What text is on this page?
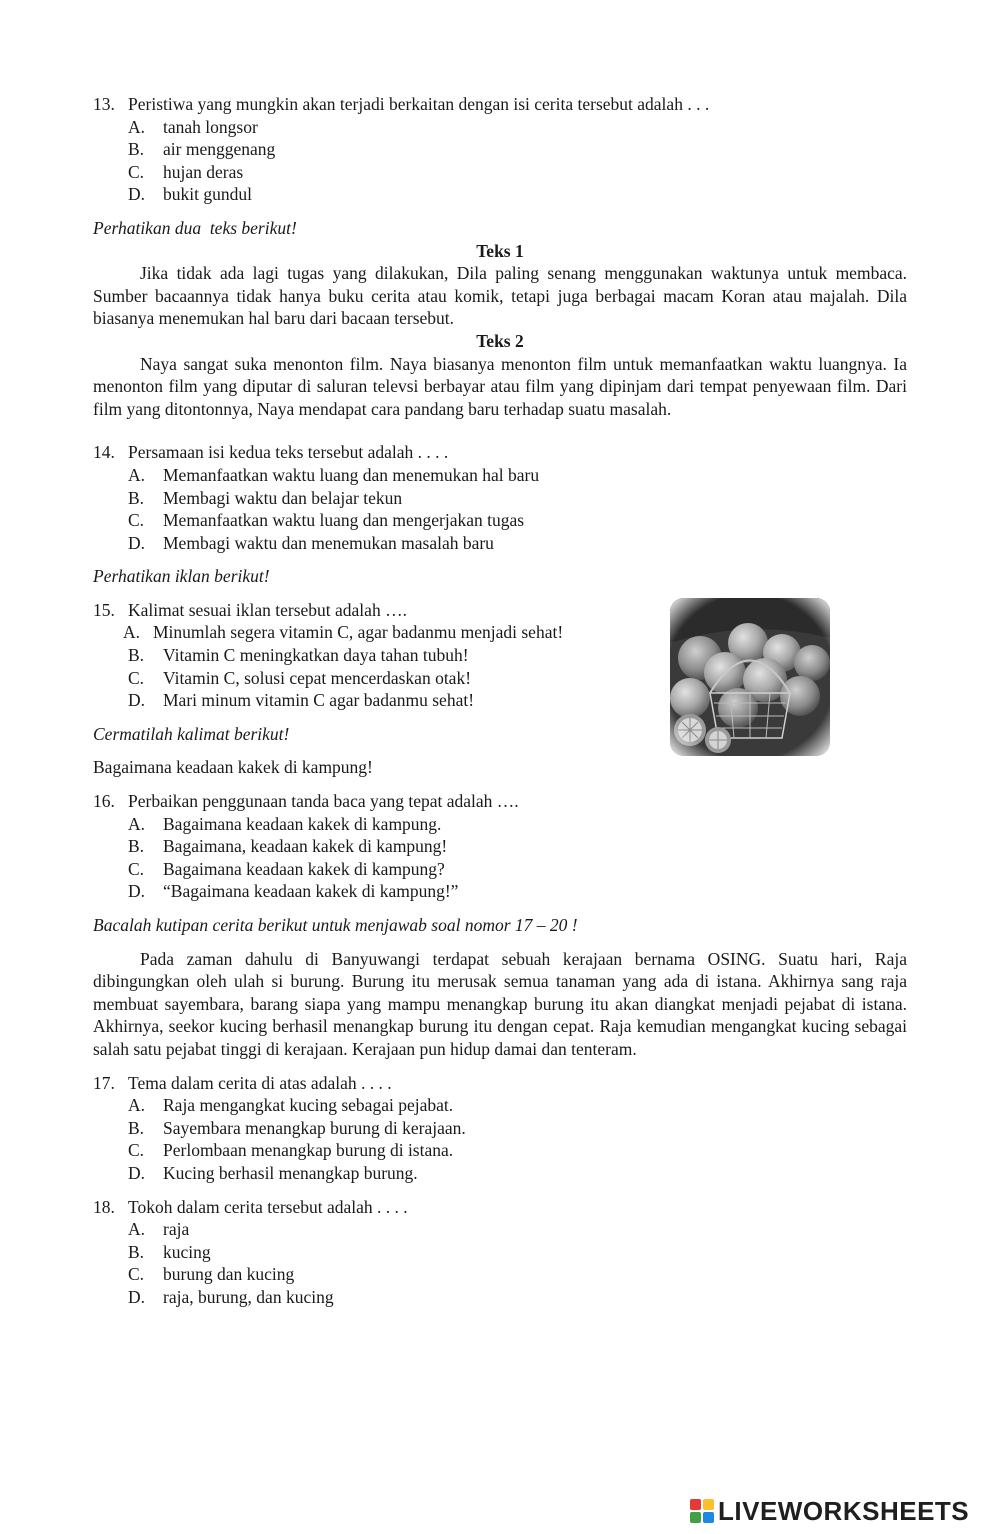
13. Peristiwa yang mungkin akan terjadi berkaitan dengan isi cerita tersebut adalah . . .
A.	tanah longsor
B.	air menggenang
C.	hujan deras
D.	bukit gundul
Perhatikan dua  teks berikut!
Teks 1
Jika tidak ada lagi tugas yang dilakukan, Dila paling senang menggunakan waktunya untuk membaca. Sumber bacaannya tidak hanya buku cerita atau komik, tetapi juga berbagai macam Koran atau majalah. Dila biasanya menemukan hal baru dari bacaan tersebut.
Teks 2
Naya sangat suka menonton film. Naya biasanya menonton film untuk memanfaatkan waktu luangnya. Ia menonton film yang diputar di saluran televsi berbayar atau film yang dipinjam dari tempat penyewaan film. Dari film yang ditontonnya, Naya mendapat cara pandang baru terhadap suatu masalah.
14. Persamaan isi kedua teks tersebut adalah . . . .
A.	Memanfaatkan waktu luang dan menemukan hal baru
B.	Membagi waktu dan belajar tekun
C.	Memanfaatkan waktu luang dan mengerjakan tugas
D.	Membagi waktu dan menemukan masalah baru
Perhatikan iklan berikut!
15. Kalimat sesuai iklan tersebut adalah ….
A. Minumlah segera vitamin C, agar badanmu menjadi sehat!
B.	Vitamin C meningkatkan daya tahan tubuh!
C.	Vitamin C, solusi cepat mencerdaskan otak!
D.	Mari minum vitamin C agar badanmu sehat!
Cermatilah kalimat berikut!
Bagaimana keadaan kakek di kampung!
16. Perbaikan penggunaan tanda baca yang tepat adalah ….
A.	Bagaimana keadaan kakek di kampung.
B.	Bagaimana, keadaan kakek di kampung!
C.	Bagaimana keadaan kakek di kampung?
D.	“Bagaimana keadaan kakek di kampung!”
Bacalah kutipan cerita berikut untuk menjawab soal nomor 17 – 20 !
Pada zaman dahulu di Banyuwangi terdapat sebuah kerajaan bernama OSING. Suatu hari, Raja dibingungkan oleh ulah si burung. Burung itu merusak semua tanaman yang ada di istana. Akhirnya sang raja membuat sayembara, barang siapa yang mampu menangkap burung itu akan diangkat menjadi pejabat di istana. Akhirnya, seekor kucing berhasil menangkap burung itu dengan cepat. Raja kemudian mengangkat kucing sebagai salah satu pejabat tinggi di kerajaan. Kerajaan pun hidup damai dan tenteram.
17. Tema dalam cerita di atas adalah . . . .
A.	Raja mengangkat kucing sebagai pejabat.
B.	Sayembara menangkap burung di kerajaan.
C.	Perlombaan menangkap burung di istana.
D.	Kucing berhasil menangkap burung.
18. Tokoh dalam cerita tersebut adalah . . . .
A.	raja
B.	kucing
C.	burung dan kucing
D.	raja, burung, dan kucing
LIVEWORKSHEETS
